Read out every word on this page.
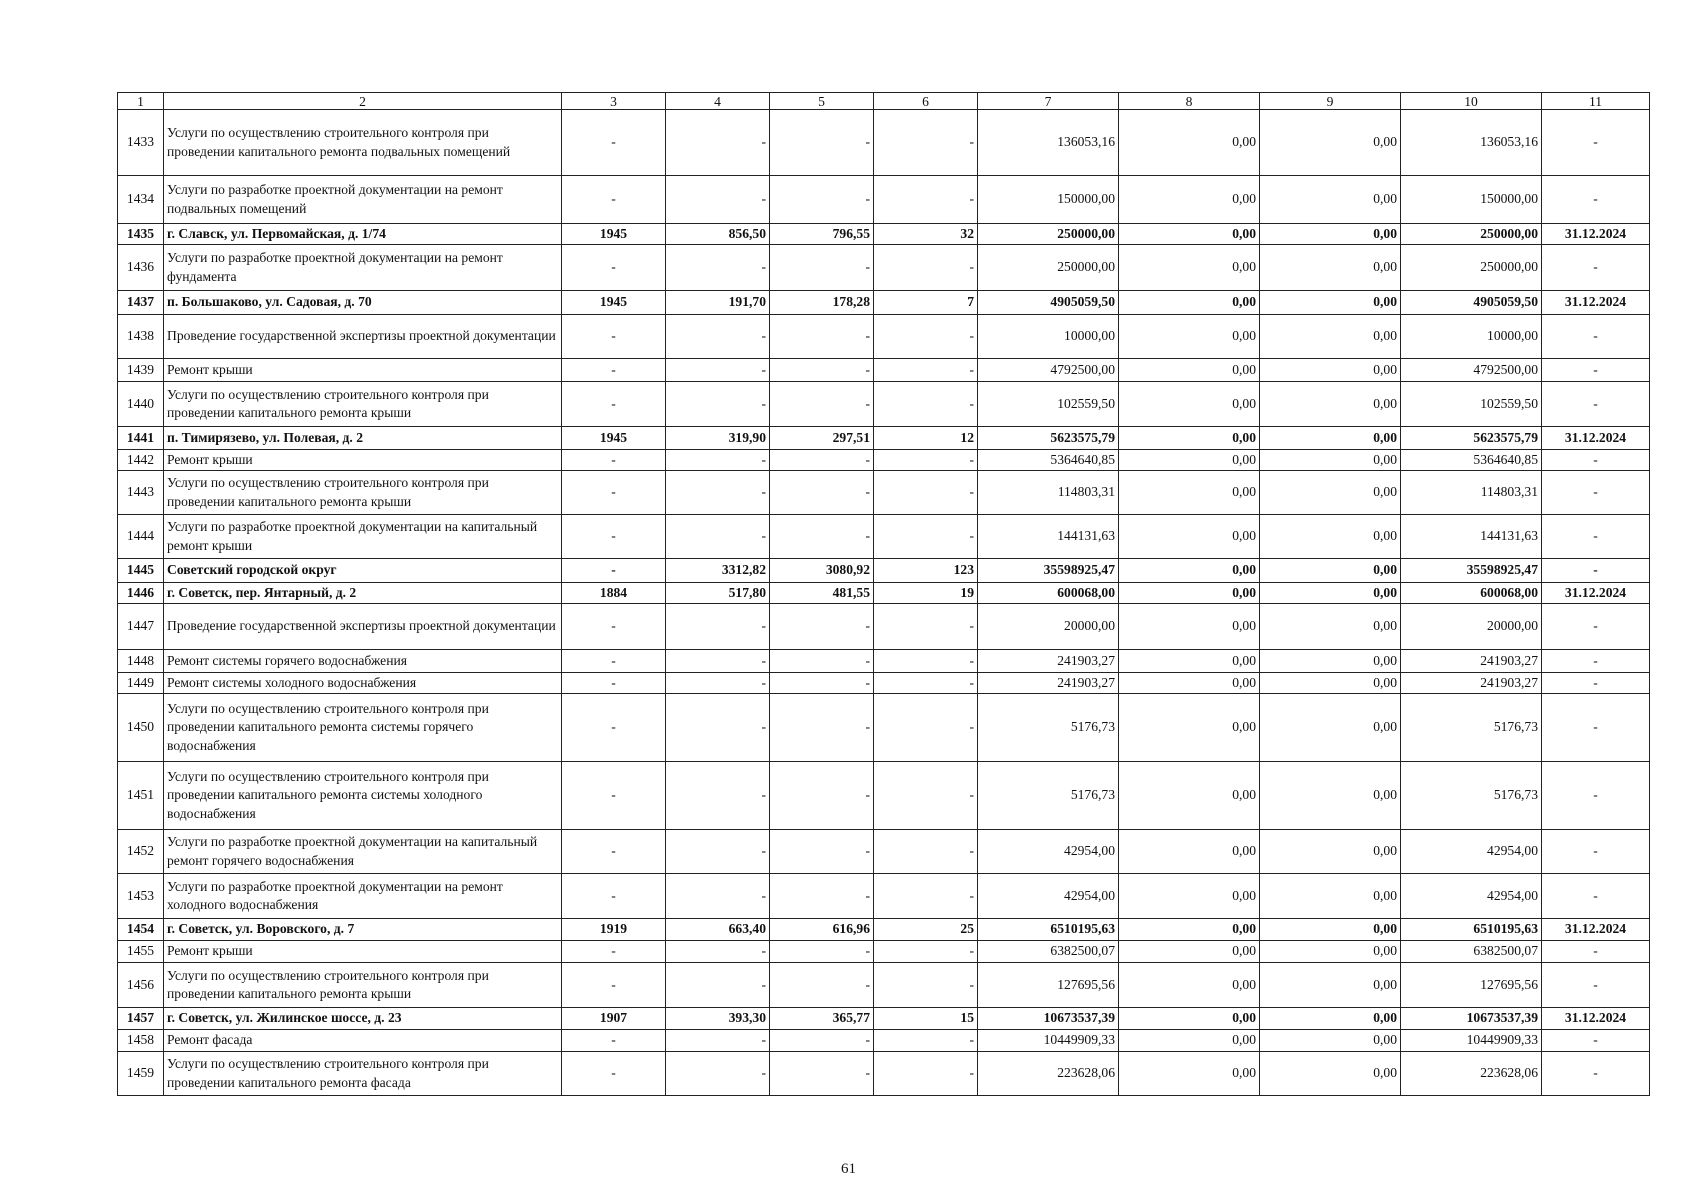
1	2	3	4	5	6	7	8	9	10	11
1433	Услуги по осуществлению строительного контроля при проведении капитального ремонта подвальных помещений	-	-	-	-	136053,16	0,00	0,00	136053,16	-
1434	Услуги по разработке проектной документации на ремонт подвальных помещений	-	-	-	-	150000,00	0,00	0,00	150000,00	-
1435	г. Славск, ул. Первомайская, д. 1/74	1945	856,50	796,55	32	250000,00	0,00	0,00	250000,00	31.12.2024
1436	Услуги по разработке проектной документации на ремонт фундамента	-	-	-	-	250000,00	0,00	0,00	250000,00	-
1437	п. Большаково, ул. Садовая, д. 70	1945	191,70	178,28	7	4905059,50	0,00	0,00	4905059,50	31.12.2024
1438	Проведение государственной экспертизы проектной документации	-	-	-	-	10000,00	0,00	0,00	10000,00	-
1439	Ремонт крыши	-	-	-	-	4792500,00	0,00	0,00	4792500,00	-
1440	Услуги по осуществлению строительного контроля при проведении капитального ремонта крыши	-	-	-	-	102559,50	0,00	0,00	102559,50	-
1441	п. Тимирязево, ул. Полевая, д. 2	1945	319,90	297,51	12	5623575,79	0,00	0,00	5623575,79	31.12.2024
1442	Ремонт крыши	-	-	-	-	5364640,85	0,00	0,00	5364640,85	-
1443	Услуги по осуществлению строительного контроля при проведении капитального ремонта крыши	-	-	-	-	114803,31	0,00	0,00	114803,31	-
1444	Услуги по разработке проектной документации на капитальный ремонт крыши	-	-	-	-	144131,63	0,00	0,00	144131,63	-
1445	Советский городской округ	-	3312,82	3080,92	123	35598925,47	0,00	0,00	35598925,47	-
1446	г. Советск, пер. Янтарный, д. 2	1884	517,80	481,55	19	600068,00	0,00	0,00	600068,00	31.12.2024
1447	Проведение государственной экспертизы проектной документации	-	-	-	-	20000,00	0,00	0,00	20000,00	-
1448	Ремонт системы горячего водоснабжения	-	-	-	-	241903,27	0,00	0,00	241903,27	-
1449	Ремонт системы холодного водоснабжения	-	-	-	-	241903,27	0,00	0,00	241903,27	-
1450	Услуги по осуществлению строительного контроля при проведении капитального ремонта системы горячего водоснабжения	-	-	-	-	5176,73	0,00	0,00	5176,73	-
1451	Услуги по осуществлению строительного контроля при проведении капитального ремонта системы холодного водоснабжения	-	-	-	-	5176,73	0,00	0,00	5176,73	-
1452	Услуги по разработке проектной документации на капитальный ремонт горячего водоснабжения	-	-	-	-	42954,00	0,00	0,00	42954,00	-
1453	Услуги по разработке проектной документации на ремонт холодного водоснабжения	-	-	-	-	42954,00	0,00	0,00	42954,00	-
1454	г. Советск, ул. Воровского, д. 7	1919	663,40	616,96	25	6510195,63	0,00	0,00	6510195,63	31.12.2024
1455	Ремонт крыши	-	-	-	-	6382500,07	0,00	0,00	6382500,07	-
1456	Услуги по осуществлению строительного контроля при проведении капитального ремонта крыши	-	-	-	-	127695,56	0,00	0,00	127695,56	-
1457	г. Советск, ул. Жилинское шоссе, д. 23	1907	393,30	365,77	15	10673537,39	0,00	0,00	10673537,39	31.12.2024
1458	Ремонт фасада	-	-	-	-	10449909,33	0,00	0,00	10449909,33	-
1459	Услуги по осуществлению строительного контроля при проведении капитального ремонта фасада	-	-	-	-	223628,06	0,00	0,00	223628,06	-
61
